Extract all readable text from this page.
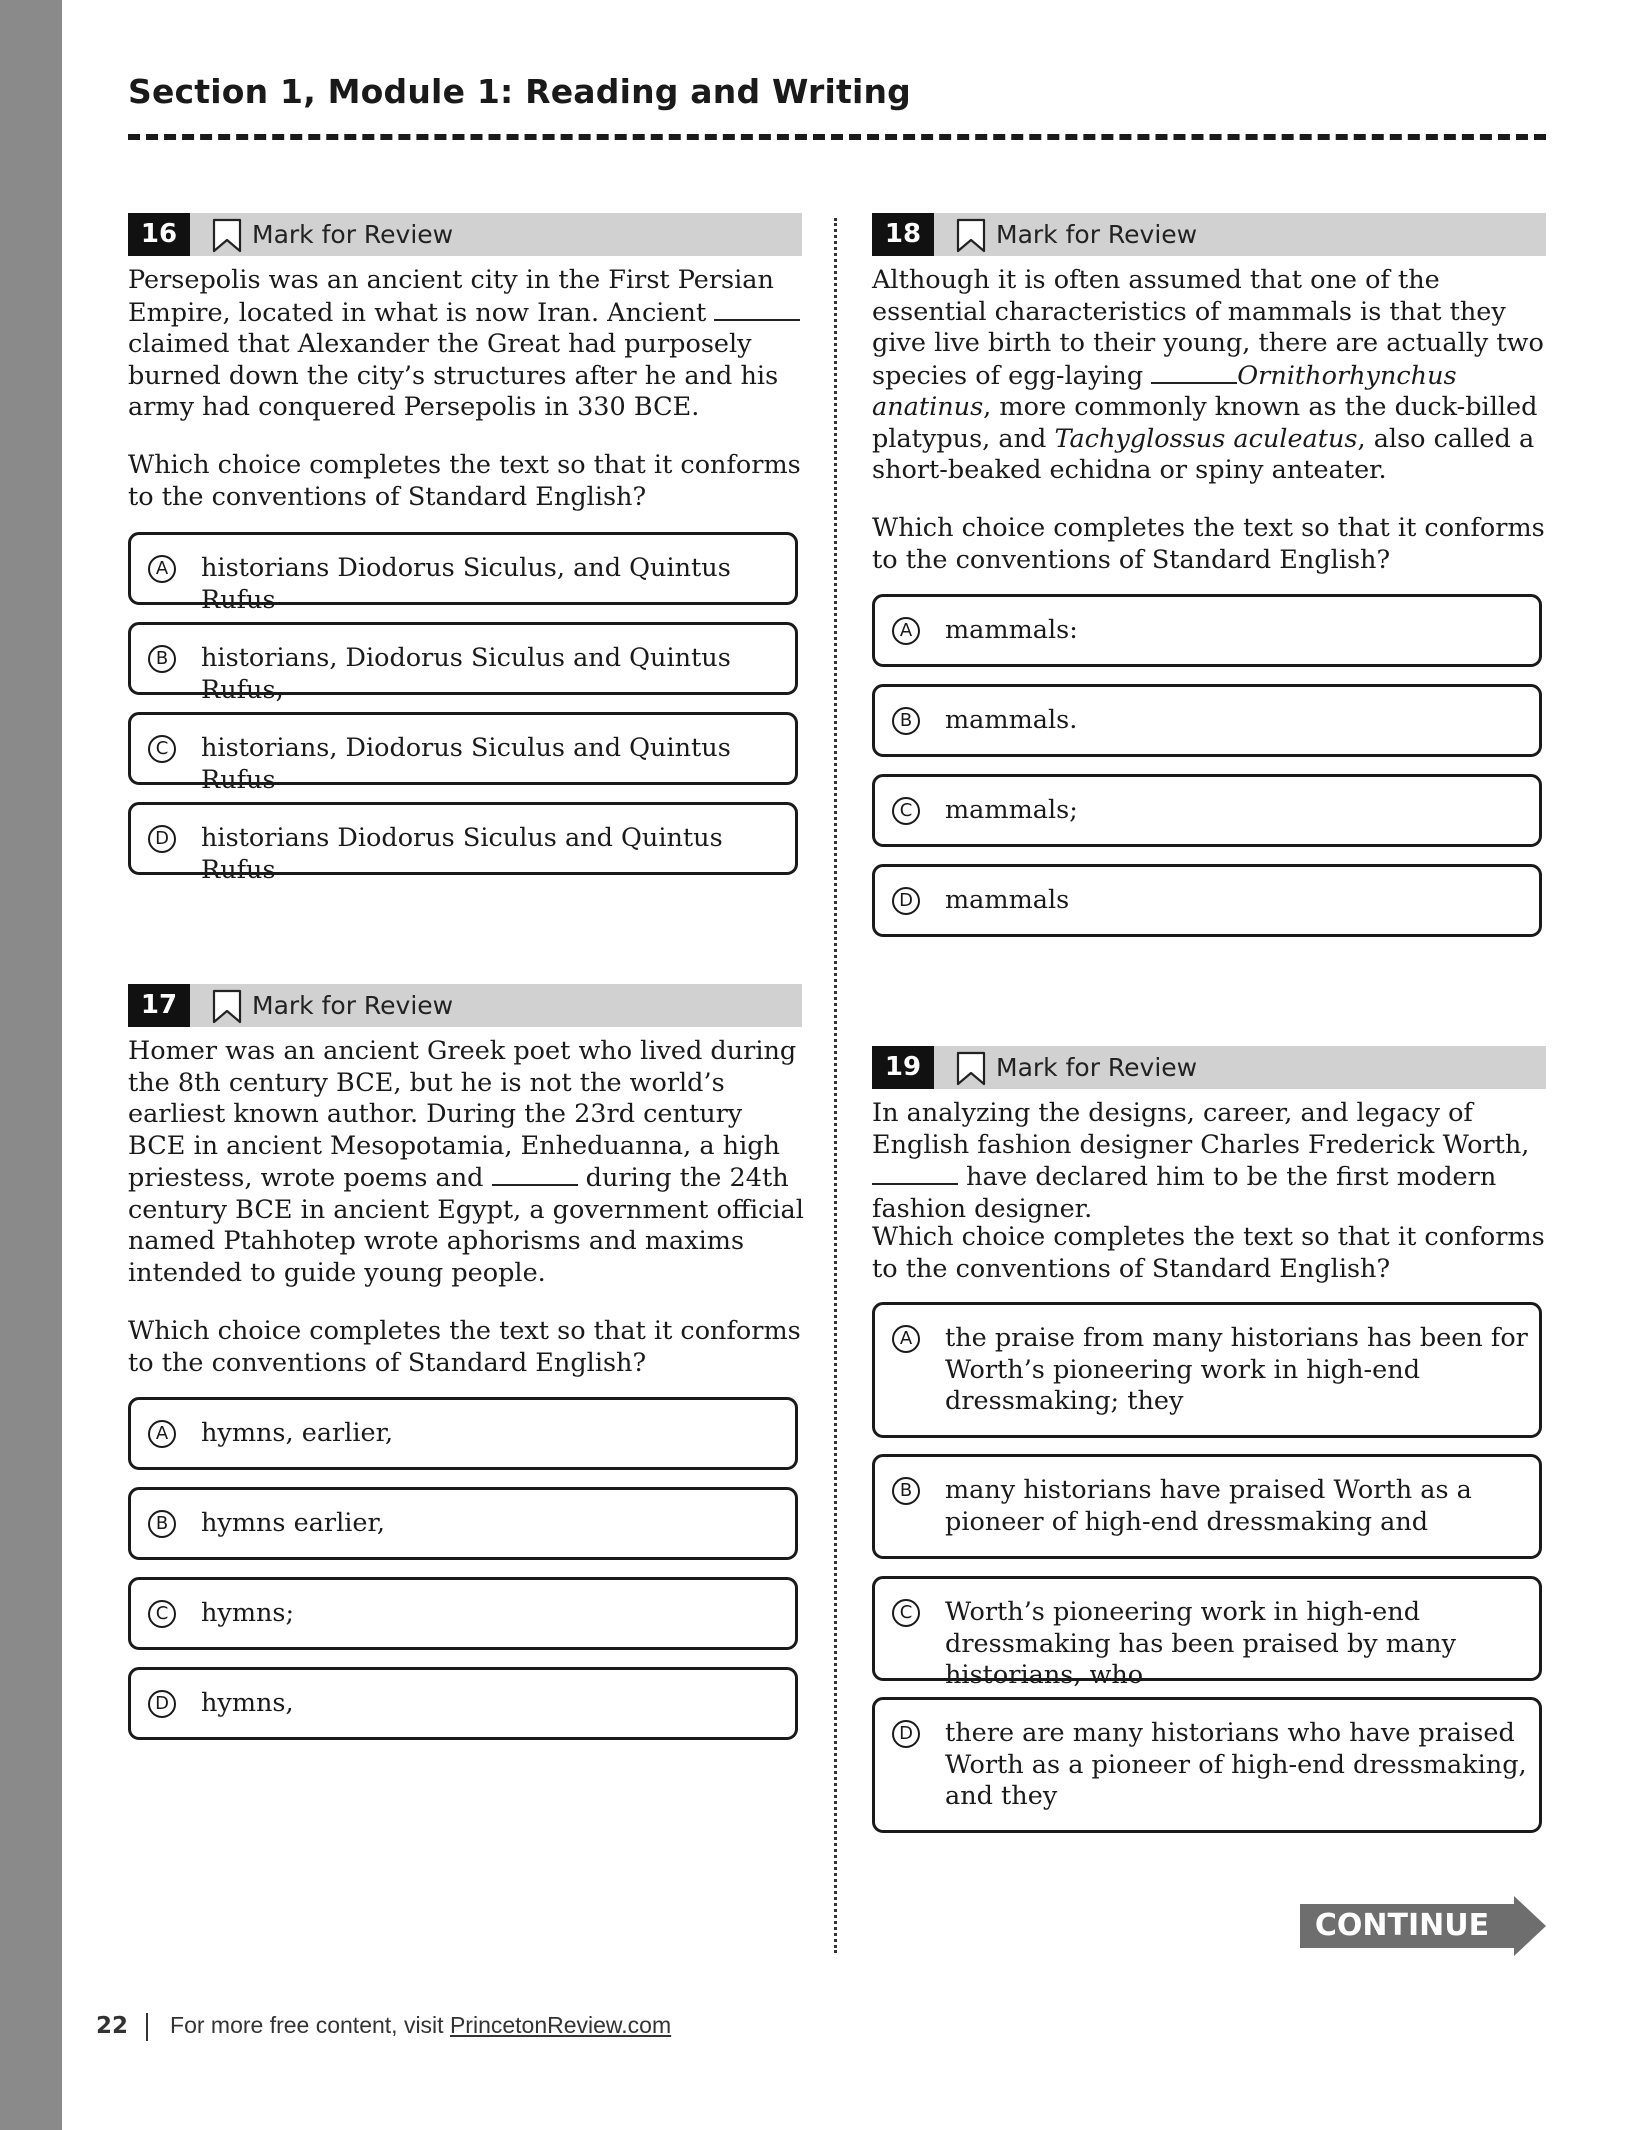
Section 1, Module 1: Reading and Writing
16	Mark for Review
Persepolis was an ancient city in the First Persian Empire, located in what is now Iran. Ancient  claimed that Alexander the Great had purposely burned down the city’s structures after he and his army had conquered Persepolis in 330 BCE.
Which choice completes the text so that it conforms to the conventions of Standard English?
A	historians Diodorus Siculus, and Quintus Rufus
B	historians, Diodorus Siculus and Quintus Rufus,
C	historians, Diodorus Siculus and Quintus Rufus
D historians Diodorus Siculus and Quintus Rufus
17	Mark for Review
Homer was an ancient Greek poet who lived during the 8th century BCE, but he is not the world’s earliest known author. During the 23rd century BCE in ancient Mesopotamia, Enheduanna, a high priestess, wrote poems and	during the 24th century BCE in ancient Egypt, a government official named Ptahhotep wrote aphorisms and maxims intended to guide young people.
Which choice completes the text so that it conforms to the conventions of Standard English?
A	hymns, earlier,
B	hymns earlier,
C	hymns;
D hymns,
18	Mark for Review
Although it is often assumed that one of the essential characteristics of mammals is that they give live birth to their young, there are actually two species of egg-laying	Ornithorhynchus anatinus, more commonly known as the duck-billed platypus, and Tachyglossus aculeatus, also called a short-beaked echidna or spiny anteater.
Which choice completes the text so that it conforms to the conventions of Standard English?
A	mammals:
B	mammals.
C	mammals;
D mammals
19	Mark for Review
In analyzing the designs, career, and legacy of English fashion designer Charles Frederick Worth,  have declared him to be the first modern fashion designer.
Which choice completes the text so that it conforms to the conventions of Standard English?
A	the praise from many historians has been for Worth’s pioneering work in high-end dressmaking; they
B	many historians have praised Worth as a pioneer of high-end dressmaking and
C	Worth’s pioneering work in high-end dressmaking has been praised by many historians, who
D there are many historians who have praised Worth as a pioneer of high-end dressmaking, and they
CONTINUE
22 For more free content, visit PrincetonReview.com
